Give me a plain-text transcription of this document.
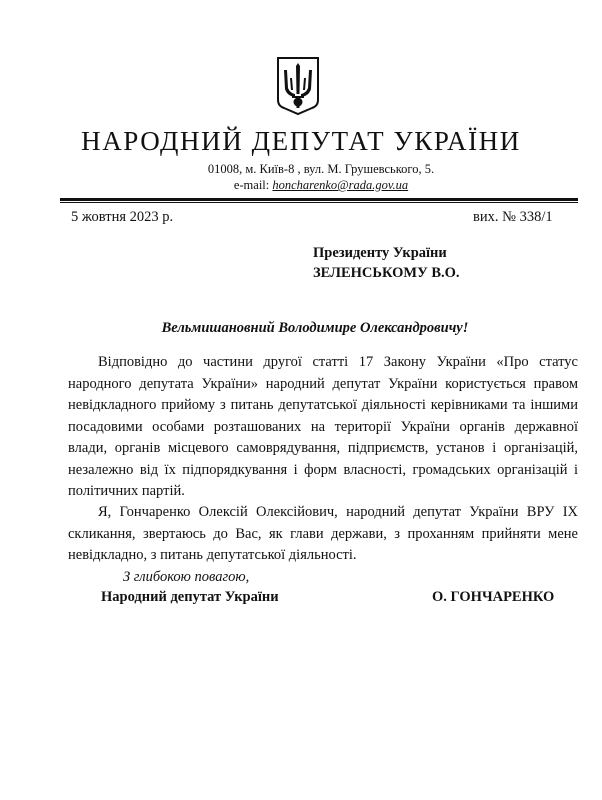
НАРОДНИЙ ДЕПУТАТ УКРАЇНИ
01008, м. Київ-8 , вул. М. Грушевського, 5.
e-mail: honcharenko@rada.gov.ua
5 жовтня 2023 р.	вих. № 338/1
Президенту України
ЗЕЛЕНСЬКОМУ В.О.
Вельмишановний Володимире Олександровичу!

Відповідно до частини другої статті 17 Закону України «Про статус народного депутата України» народний депутат України користується правом невідкладного прийому з питань депутатської діяльності керівниками та іншими посадовими особами розташованих на території України органів державної влади, органів місцевого самоврядування, підприємств, установ і організацій, незалежно від їх підпорядкування і форм власності, громадських організацій і політичних партій.

Я, Гончаренко Олексій Олексійович, народний депутат України ВРУ IX скликання, звертаюсь до Вас, як глави держави, з проханням прийняти мене невідкладно, з питань депутатської діяльності.

З глибокою повагою,
Народний депутат України	О. ГОНЧАРЕНКО
